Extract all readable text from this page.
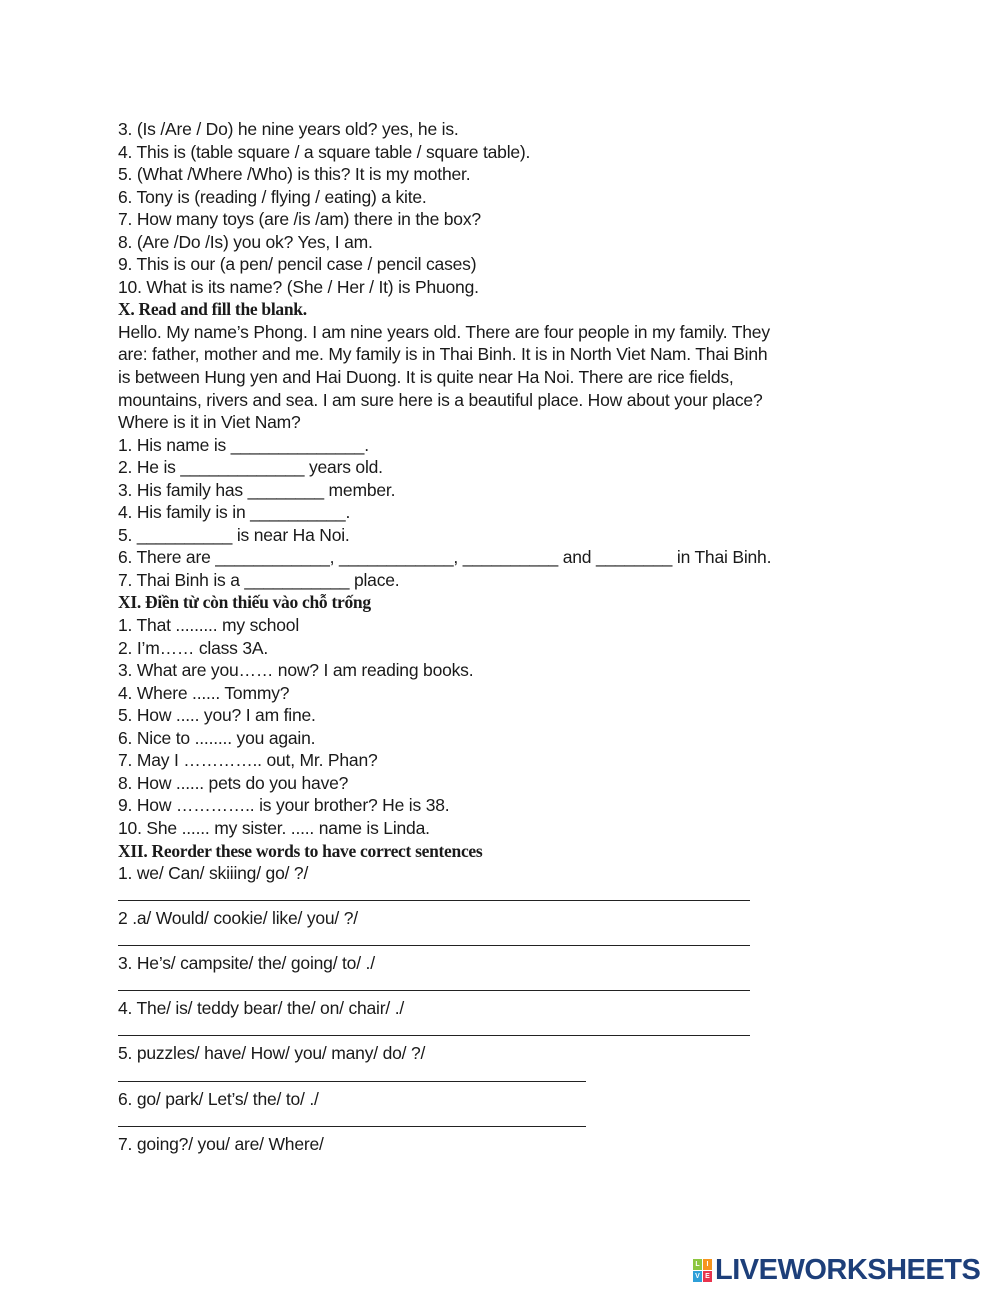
3. (Is /Are / Do) he nine years old? yes, he is.
4. This is (table square / a square table / square table).
5. (What /Where /Who) is this? It is my mother.
6. Tony is (reading / flying / eating) a kite.
7. How many toys (are /is /am) there in the box?
8. (Are /Do /Is) you ok? Yes, I am.
9. This is our (a pen/ pencil case / pencil cases)
10. What is its name? (She / Her / It) is Phuong.
X. Read and fill the blank.
Hello. My name’s Phong. I am nine years old. There are four people in my family. They
are: father, mother and me. My family is in Thai Binh. It is in North Viet Nam. Thai Binh
is between Hung yen and Hai Duong. It is quite near Ha Noi. There are rice fields,
mountains, rivers and sea. I am sure here is a beautiful place. How about your place?
Where is it in Viet Nam?
1. His name is ______________.
2. He is _____________ years old.
3. His family has ________ member.
4. His family is in __________.
5. __________ is near Ha Noi.
6. There are ____________, ____________, __________ and ________ in Thai Binh.
7. Thai Binh is a ___________ place.
XI. Điền từ còn thiếu vào chỗ trống
1. That ......... my school
2. I’m…… class 3A.
3. What are you…… now? I am reading books.
4. Where ...... Tommy?
5. How ..... you? I am fine.
6. Nice to ........ you again.
7. May I ………….. out, Mr. Phan?
8. How ...... pets do you have?
9. How ………….. is your brother? He is 38.
10. She ...... my sister. ..... name is Linda.
XII. Reorder these words to have correct sentences
1. we/ Can/ skiiing/ go/ ?/
2 .a/ Would/ cookie/ like/ you/ ?/
3. He’s/ campsite/ the/ going/ to/ ./
4. The/ is/ teddy bear/ the/ on/ chair/ ./
5. puzzles/ have/ How/ you/ many/ do/ ?/
6. go/ park/ Let’s/ the/ to/ ./
7. going?/ you/ are/ Where/
L I
V E LIVEWORKSHEETS
